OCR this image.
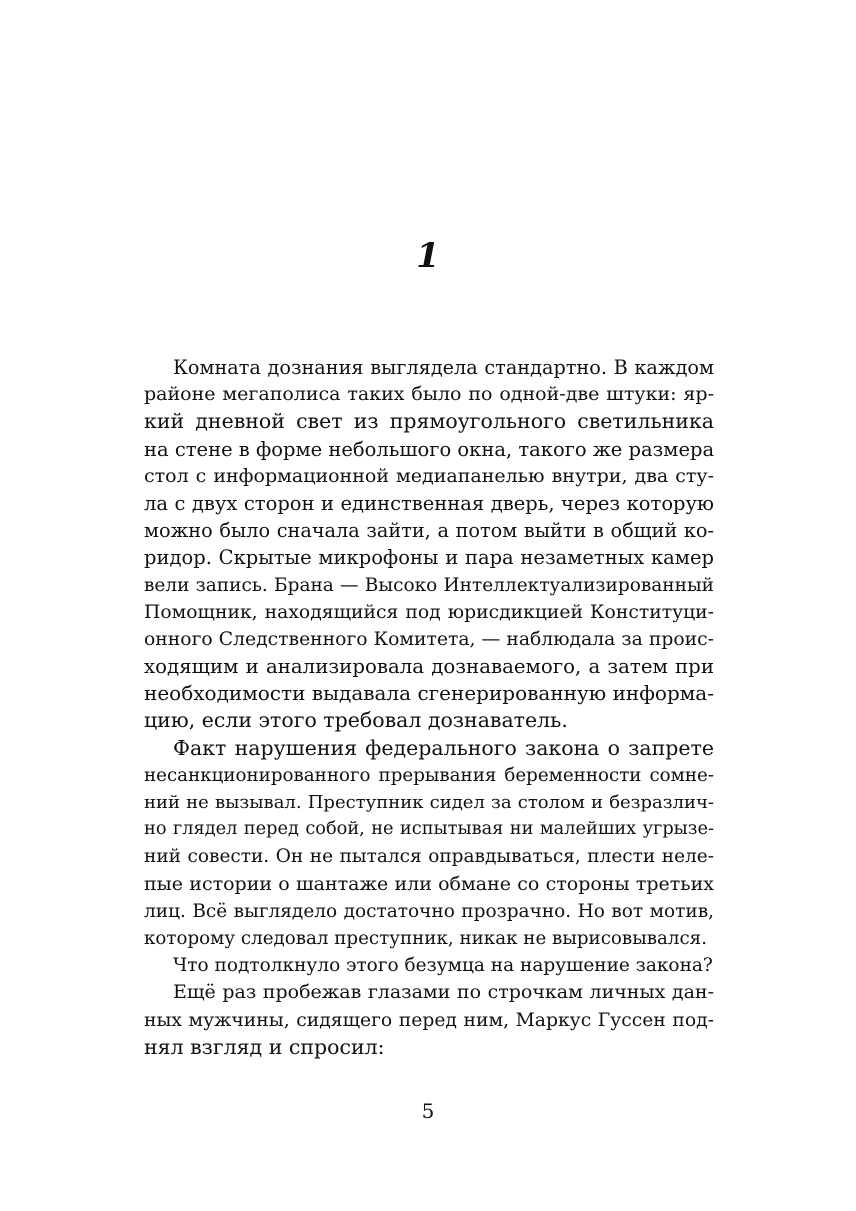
1
Комната дознания выглядела стандартно. В каждом
районе мегаполиса таких было по одной-две штуки: яр-
кий дневной свет из прямоугольного светильника
на стене в форме небольшого окна, такого же размера
стол с информационной медиапанелью внутри, два сту-
ла с двух сторон и единственная дверь, через которую
можно было сначала зайти, а потом выйти в общий ко-
ридор. Скрытые микрофоны и пара незаметных камер
вели запись. Брана — Высоко Интеллектуализированный
Помощник, находящийся под юрисдикцией Конституци-
онного Следственного Комитета, — наблюдала за проис-
ходящим и анализировала дознаваемого, а затем при
необходимости выдавала сгенерированную информа-
цию, если этого требовал дознаватель.
Факт нарушения федерального закона о запрете
несанкционированного прерывания беременности сомне-
ний не вызывал. Преступник сидел за столом и безразлич-
но глядел перед собой, не испытывая ни малейших угрызе-
ний совести. Он не пытался оправдываться, плести неле-
пые истории о шантаже или обмане со стороны третьих
лиц. Всё выглядело достаточно прозрачно. Но вот мотив,
которому следовал преступник, никак не вырисовывался.
Что подтолкнуло этого безумца на нарушение закона?
Ещё раз пробежав глазами по строчкам личных дан-
ных мужчины, сидящего перед ним, Маркус Гуссен под-
нял взгляд и спросил:
5
